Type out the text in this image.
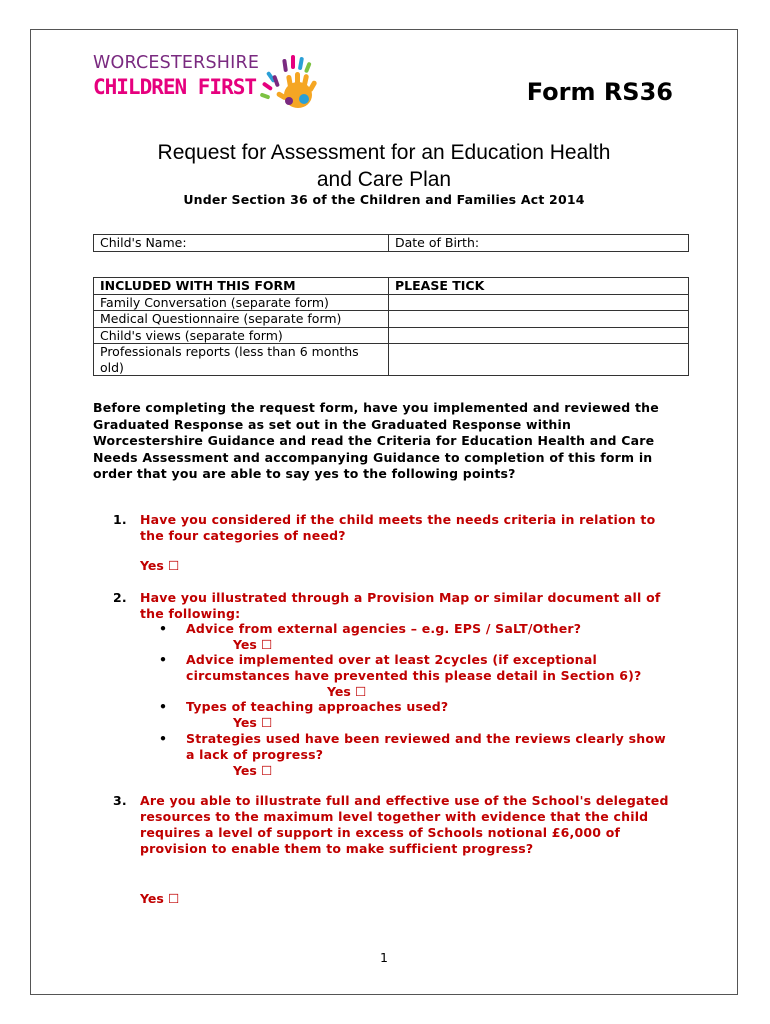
WORCESTERSHIRE
CHILDREN FIRST	Form RS36
Request for Assessment for an Education Health
and Care Plan
Under Section 36 of the Children and Families Act 2014
Child's Name:	Date of Birth:
INCLUDED WITH THIS FORM	PLEASE TICK
Family Conversation (separate form)	
Medical Questionnaire (separate form)	
Child's views (separate form)	
Professionals reports (less than 6 months old)	
Before completing the request form, have you implemented and reviewed the Graduated Response as set out in the Graduated Response within Worcestershire Guidance and read the Criteria for Education Health and Care Needs Assessment and accompanying Guidance to completion of this form in order that you are able to say yes to the following points?
1. Have you considered if the child meets the needs criteria in relation to the four categories of need?
Yes ☐
2. Have you illustrated through a Provision Map or similar document all of the following:
• Advice from external agencies – e.g. EPS / SaLT/Other?
Yes ☐
• Advice implemented over at least 2cycles (if exceptional circumstances have prevented this please detail in Section 6)?
Yes ☐
• Types of teaching approaches used?
Yes ☐
• Strategies used have been reviewed and the reviews clearly show a lack of progress?
Yes ☐
3. Are you able to illustrate full and effective use of the School's delegated resources to the maximum level together with evidence that the child requires a level of support in excess of Schools notional £6,000 of provision to enable them to make sufficient progress?
Yes ☐
1
